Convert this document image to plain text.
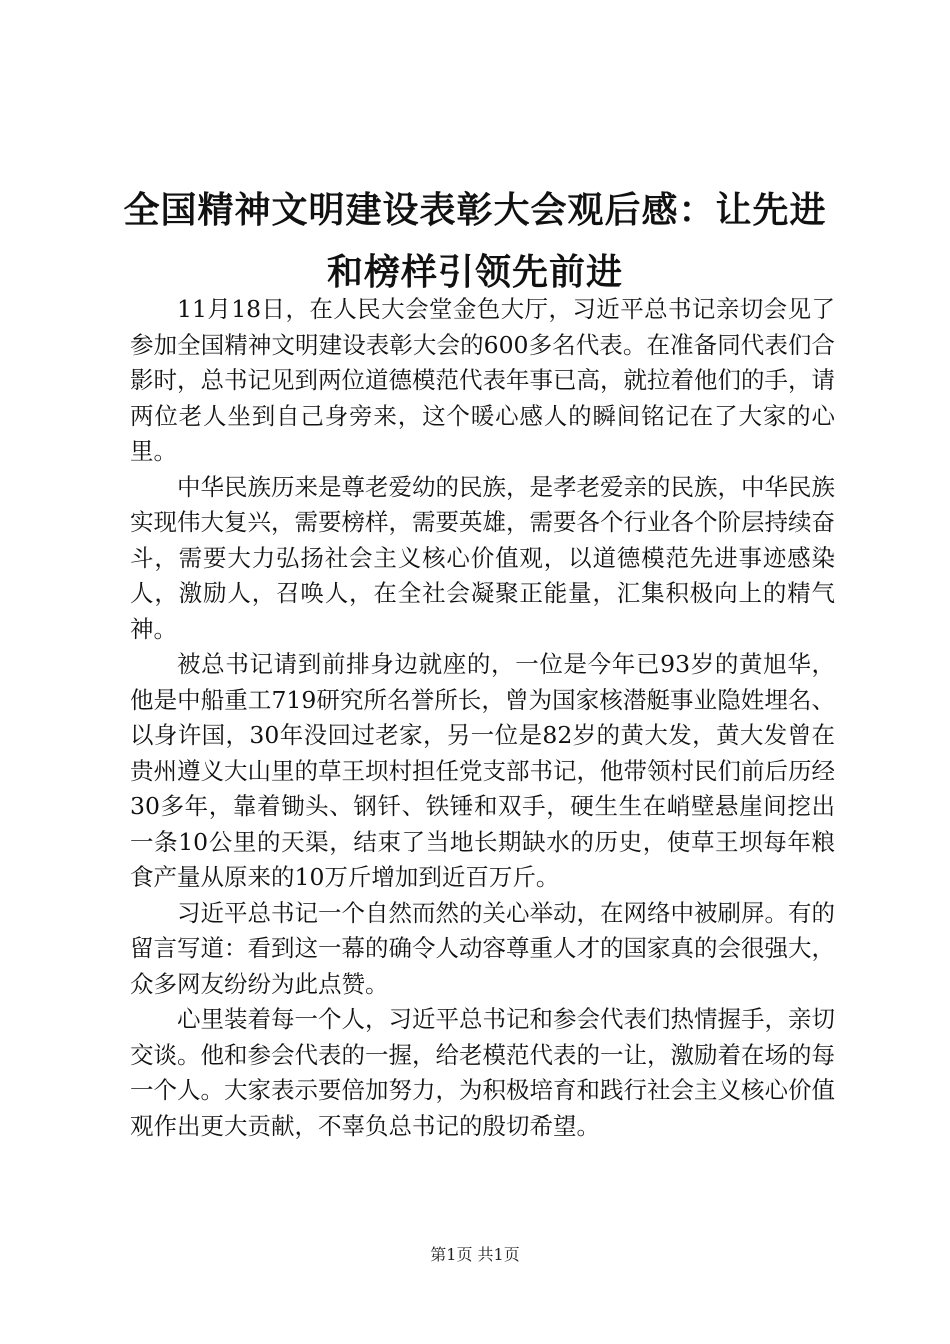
全国精神文明建设表彰大会观后感：让先进和榜样引领先前进

11月18日，在人民大会堂金色大厅，习近平总书记亲切会见了参加全国精神文明建设表彰大会的600多名代表。在准备同代表们合影时，总书记见到两位道德模范代表年事已高，就拉着他们的手，请两位老人坐到自己身旁来，这个暖心感人的瞬间铭记在了大家的心里。

中华民族历来是尊老爱幼的民族，是孝老爱亲的民族，中华民族实现伟大复兴，需要榜样，需要英雄，需要各个行业各个阶层持续奋斗，需要大力弘扬社会主义核心价值观，以道德模范先进事迹感染人，激励人，召唤人，在全社会凝聚正能量，汇集积极向上的精气神。

被总书记请到前排身边就座的，一位是今年已93岁的黄旭华，他是中船重工719研究所名誉所长，曾为国家核潜艇事业隐姓埋名、以身许国，30年没回过老家，另一位是82岁的黄大发，黄大发曾在贵州遵义大山里的草王坝村担任党支部书记，他带领村民们前后历经30多年，靠着锄头、钢钎、铁锤和双手，硬生生在峭壁悬崖间挖出一条10公里的天渠，结束了当地长期缺水的历史，使草王坝每年粮食产量从原来的10万斤增加到近百万斤。

习近平总书记一个自然而然的关心举动，在网络中被刷屏。有的留言写道：看到这一幕的确令人动容尊重人才的国家真的会很强大，众多网友纷纷为此点赞。

心里装着每一个人，习近平总书记和参会代表们热情握手，亲切交谈。他和参会代表的一握，给老模范代表的一让，激励着在场的每一个人。大家表示要倍加努力，为积极培育和践行社会主义核心价值观作出更大贡献，不辜负总书记的殷切希望。

第1页 共1页
